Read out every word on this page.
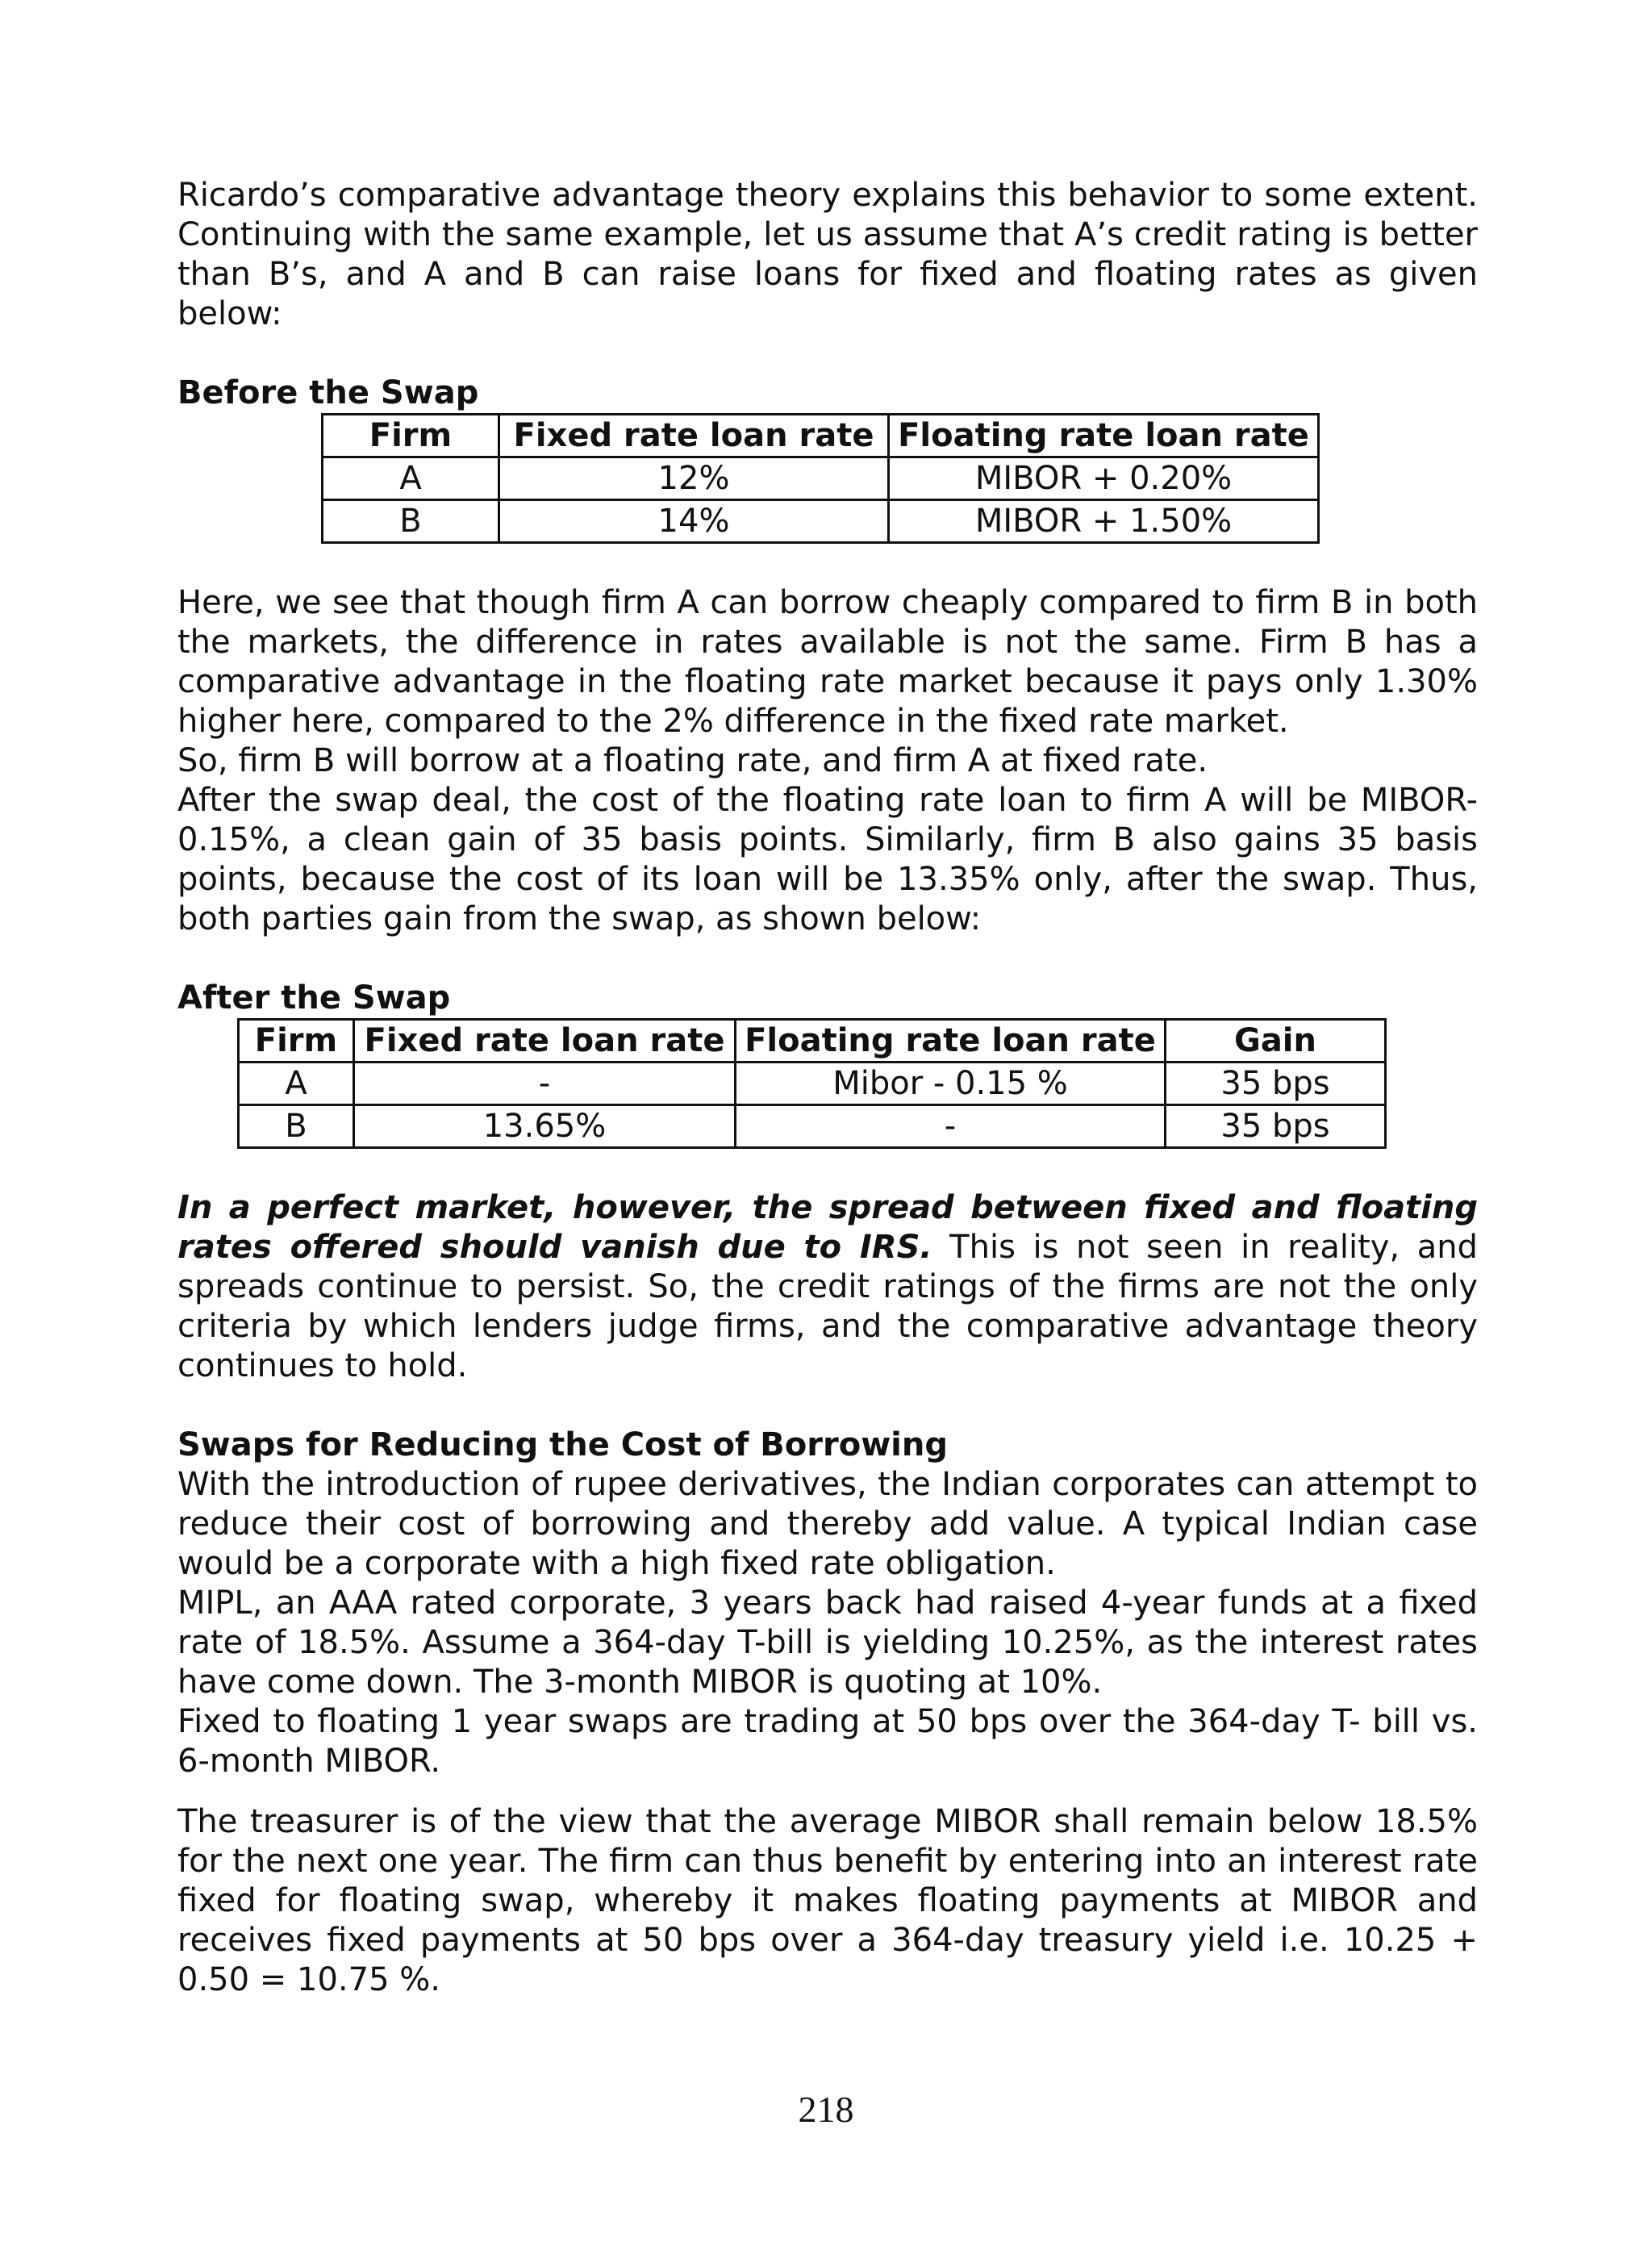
Ricardo’s comparative advantage theory explains this behavior to some extent. Continuing with the same example, let us assume that A’s credit rating is better than B’s, and A and B can raise loans for fixed and floating rates as given below:

Before the Swap

Firm	Fixed rate loan rate	Floating rate loan rate
A	12%	MIBOR + 0.20%
B	14%	MIBOR + 1.50%

Here, we see that though firm A can borrow cheaply compared to firm B in both the markets, the difference in rates available is not the same. Firm B has a comparative advantage in the floating rate market because it pays only 1.30% higher here, compared to the 2% difference in the fixed rate market.

So, firm B will borrow at a floating rate, and firm A at fixed rate.

After the swap deal, the cost of the floating rate loan to firm A will be MIBOR-0.15%, a clean gain of 35 basis points. Similarly, firm B also gains 35 basis points, because the cost of its loan will be 13.35% only, after the swap. Thus, both parties gain from the swap, as shown below:

After the Swap

Firm	Fixed rate loan rate	Floating rate loan rate	Gain
A	-	Mibor - 0.15 %	35 bps
B	13.65%	-	35 bps

In a perfect market, however, the spread between fixed and floating rates offered should vanish due to IRS. This is not seen in reality, and spreads continue to persist. So, the credit ratings of the firms are not the only criteria by which lenders judge firms, and the comparative advantage theory continues to hold.

Swaps for Reducing the Cost of Borrowing

With the introduction of rupee derivatives, the Indian corporates can attempt to reduce their cost of borrowing and thereby add value. A typical Indian case would be a corporate with a high fixed rate obligation.

MIPL, an AAA rated corporate, 3 years back had raised 4-year funds at a fixed rate of 18.5%. Assume a 364-day T-bill is yielding 10.25%, as the interest rates have come down. The 3-month MIBOR is quoting at 10%.

Fixed to floating 1 year swaps are trading at 50 bps over the 364-day T- bill vs. 6-month MIBOR.

The treasurer is of the view that the average MIBOR shall remain below 18.5% for the next one year. The firm can thus benefit by entering into an interest rate fixed for floating swap, whereby it makes floating payments at MIBOR and receives fixed payments at 50 bps over a 364-day treasury yield i.e. 10.25 + 0.50 = 10.75 %.

218
